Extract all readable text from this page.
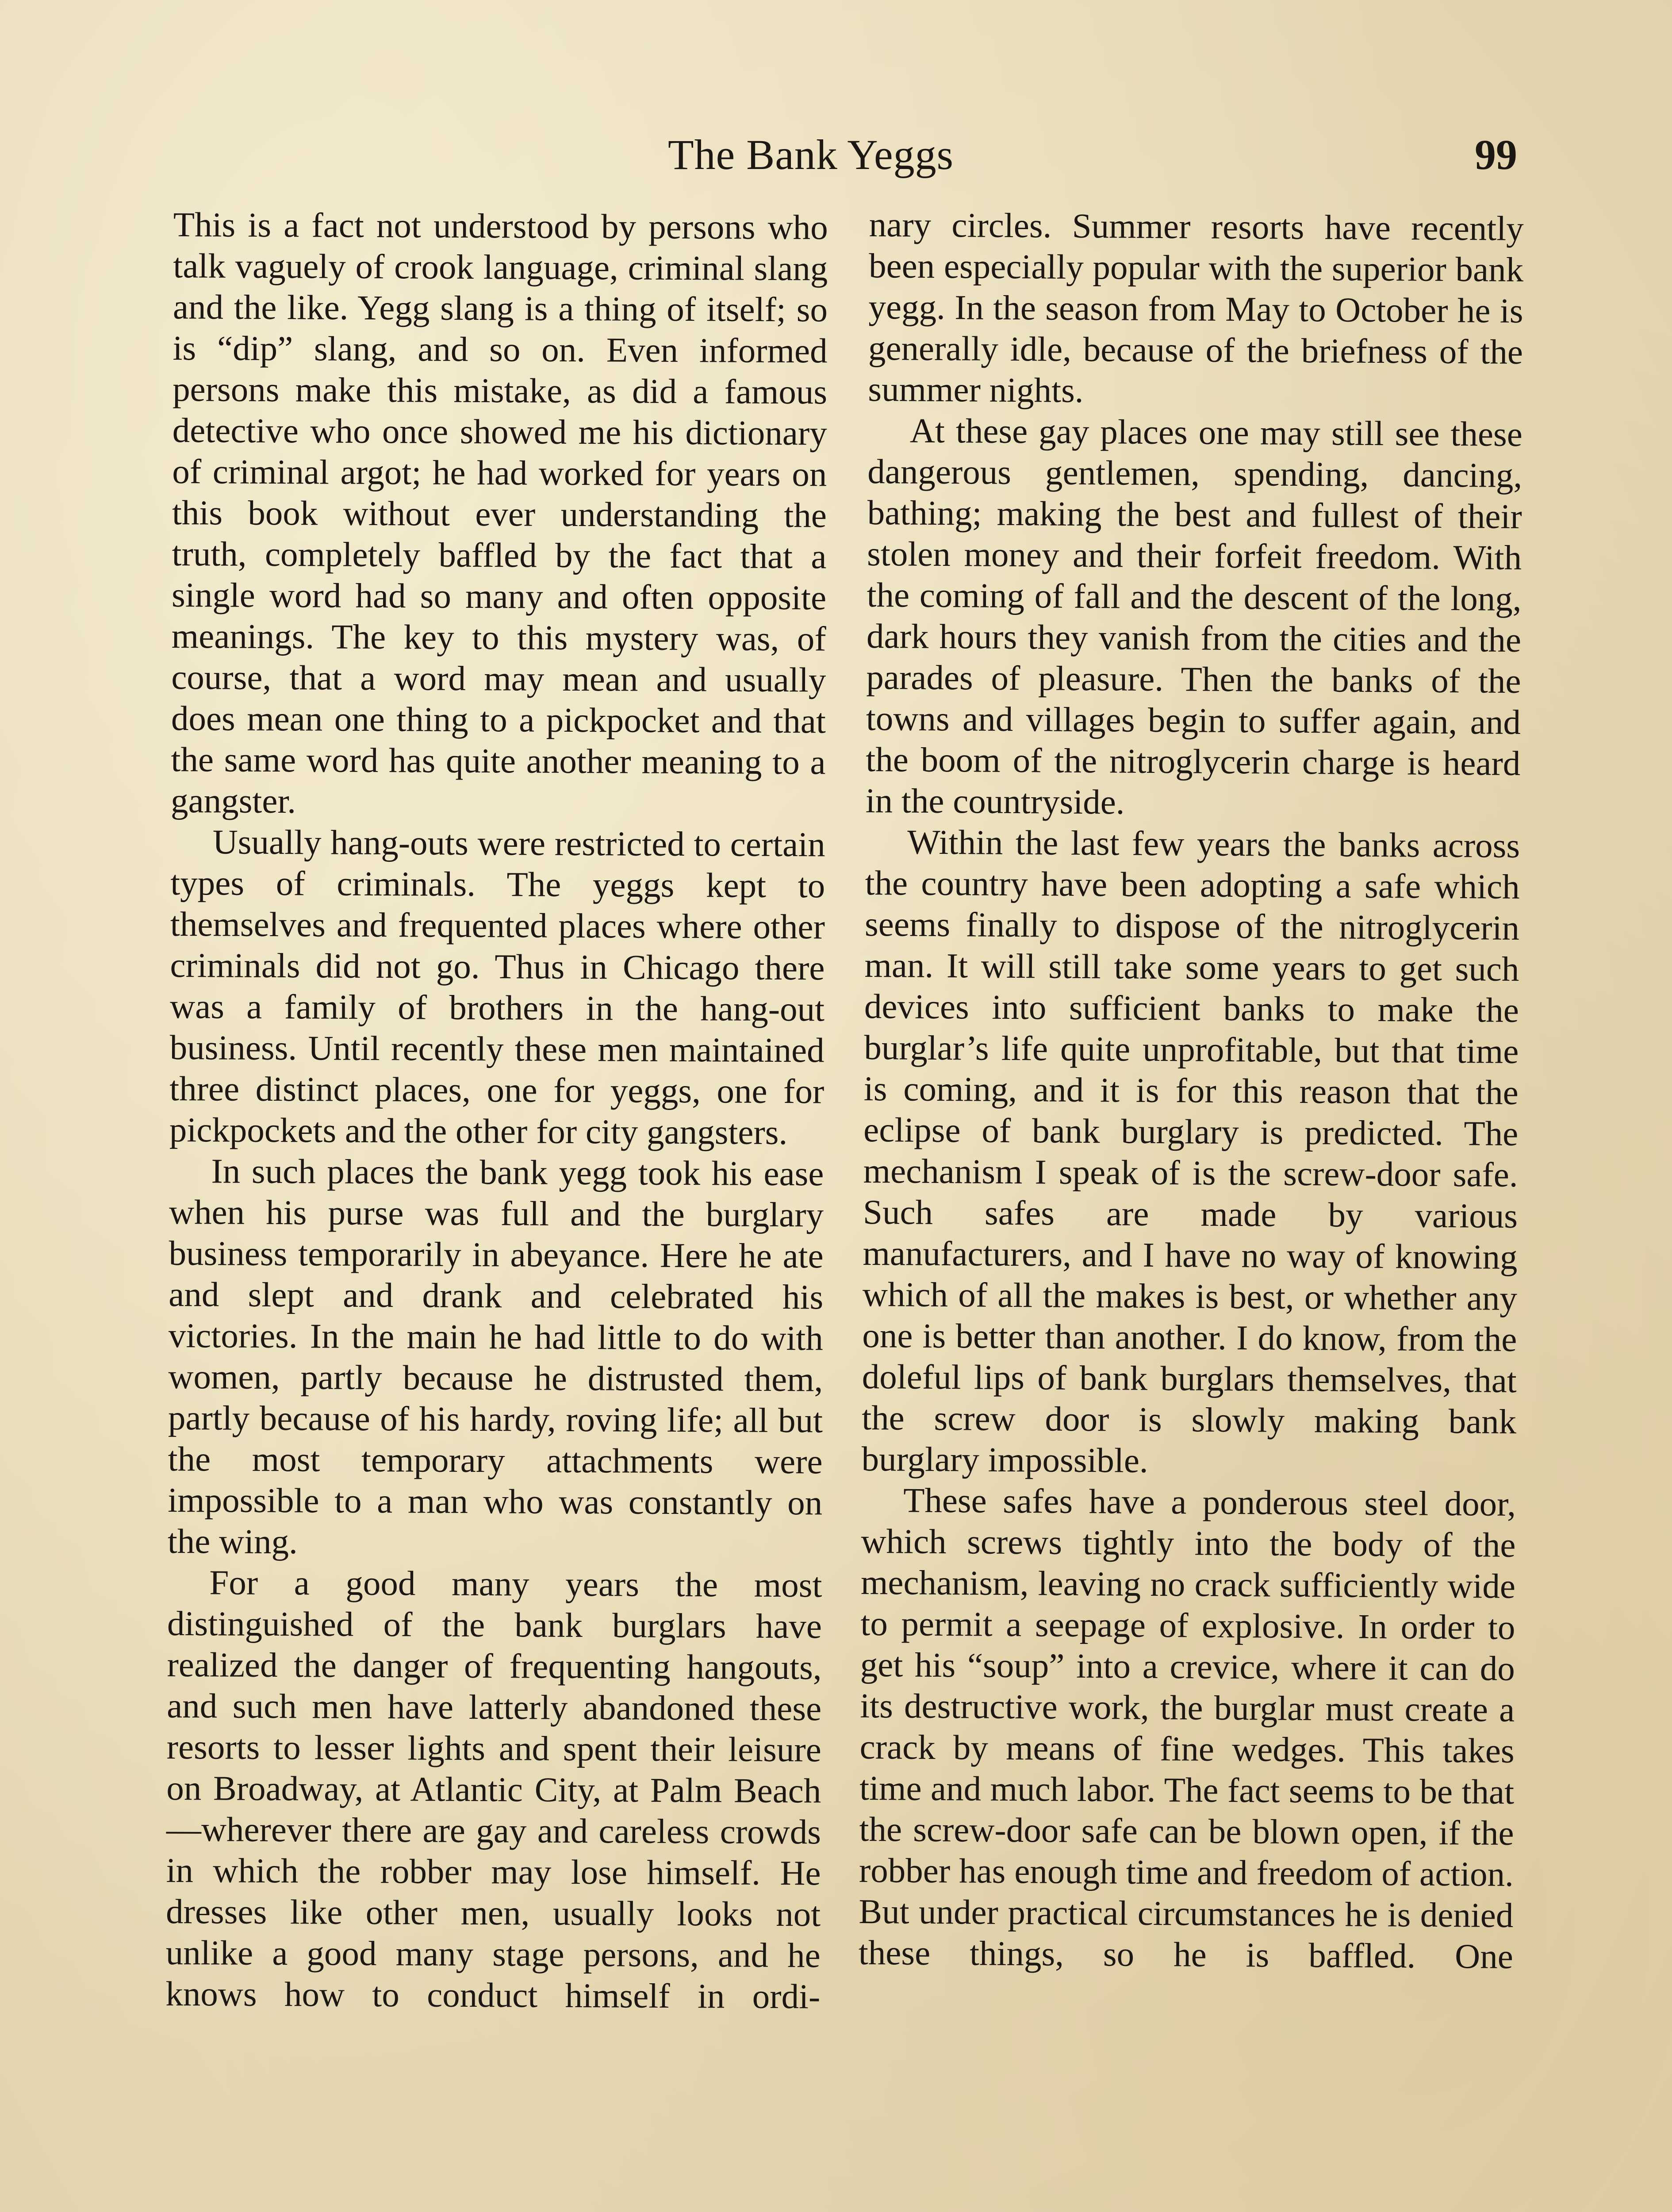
The Bank Yeggs	99

This is a fact not understood by persons who talk vaguely of crook language, criminal slang and the like. Yegg slang is a thing of itself; so is “dip” slang, and so on. Even informed persons make this mistake, as did a famous detective who once showed me his dictionary of criminal argot; he had worked for years on this book without ever understanding the truth, completely baffled by the fact that a single word had so many and often opposite meanings. The key to this mystery was, of course, that a word may mean and usually does mean one thing to a pickpocket and that the same word has quite another meaning to a gangster.

Usually hang-outs were restricted to certain types of criminals. The yeggs kept to themselves and frequented places where other criminals did not go. Thus in Chicago there was a family of brothers in the hang-out business. Until recently these men maintained three distinct places, one for yeggs, one for pickpockets and the other for city gangsters.

In such places the bank yegg took his ease when his purse was full and the burglary business temporarily in abeyance. Here he ate and slept and drank and celebrated his victories. In the main he had little to do with women, partly because he distrusted them, partly because of his hardy, roving life; all but the most temporary attachments were impossible to a man who was constantly on the wing.

For a good many years the most distinguished of the bank burglars have realized the danger of frequenting hangouts, and such men have latterly abandoned these resorts to lesser lights and spent their leisure on Broadway, at Atlantic City, at Palm Beach—wherever there are gay and careless crowds in which the robber may lose himself. He dresses like other men, usually looks not unlike a good many stage persons, and he knows how to conduct himself in ordi-

nary circles. Summer resorts have recently been especially popular with the superior bank yegg. In the season from May to October he is generally idle, because of the briefness of the summer nights.

At these gay places one may still see these dangerous gentlemen, spending, dancing, bathing; making the best and fullest of their stolen money and their forfeit freedom. With the coming of fall and the descent of the long, dark hours they vanish from the cities and the parades of pleasure. Then the banks of the towns and villages begin to suffer again, and the boom of the nitroglycerin charge is heard in the countryside.

Within the last few years the banks across the country have been adopting a safe which seems finally to dispose of the nitroglycerin man. It will still take some years to get such devices into sufficient banks to make the burglar’s life quite unprofitable, but that time is coming, and it is for this reason that the eclipse of bank burglary is predicted. The mechanism I speak of is the screw-door safe. Such safes are made by various manufacturers, and I have no way of knowing which of all the makes is best, or whether any one is better than another. I do know, from the doleful lips of bank burglars themselves, that the screw door is slowly making bank burglary impossible.

These safes have a ponderous steel door, which screws tightly into the body of the mechanism, leaving no crack sufficiently wide to permit a seepage of explosive. In order to get his “soup” into a crevice, where it can do its destructive work, the burglar must create a crack by means of fine wedges. This takes time and much labor. The fact seems to be that the screw-door safe can be blown open, if the robber has enough time and freedom of action. But under practical circumstances he is denied these things, so he is baffled. One
